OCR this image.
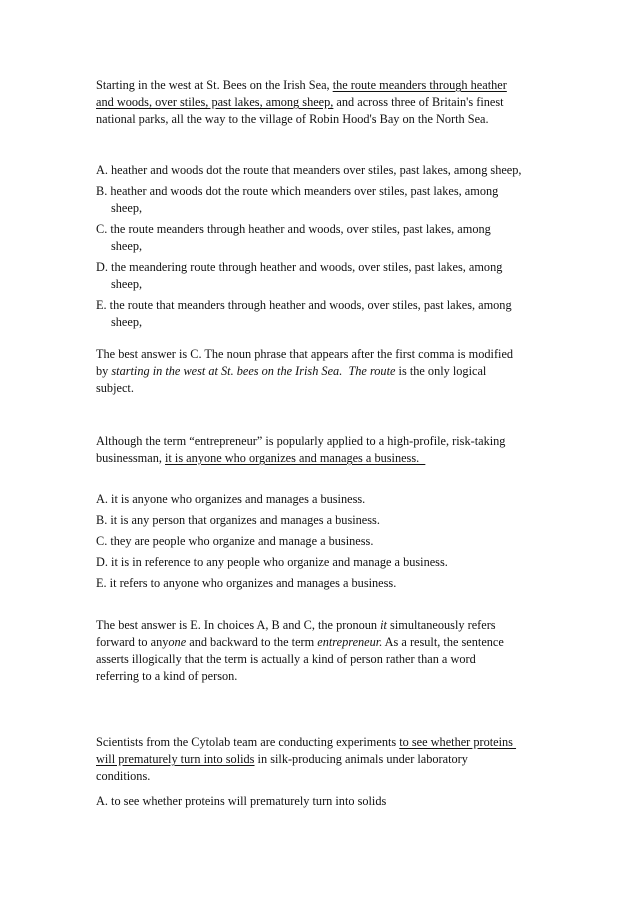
Starting in the west at St. Bees on the Irish Sea, the route meanders through heather
and woods, over stiles, past lakes, among sheep, and across three of Britain's finest
national parks, all the way to the village of Robin Hood's Bay on the North Sea.
A. heather and woods dot the route that meanders over stiles, past lakes, among sheep,
B. heather and woods dot the route which meanders over stiles, past lakes, among
sheep,
C. the route meanders through heather and woods, over stiles, past lakes, among
sheep,
D. the meandering route through heather and woods, over stiles, past lakes, among
sheep,
E. the route that meanders through heather and woods, over stiles, past lakes, among
sheep,
The best answer is C. The noun phrase that appears after the first comma is modified
by starting in the west at St. bees on the Irish Sea. The route is the only logical
subject.
Although the term “entrepreneur” is popularly applied to a high-profile, risk-taking
businessman, it is anyone who organizes and manages a business.
A. it is anyone who organizes and manages a business.
B. it is any person that organizes and manages a business.
C. they are people who organize and manage a business.
D. it is in reference to any people who organize and manage a business.
E. it refers to anyone who organizes and manages a business.
The best answer is E. In choices A, B and C, the pronoun it simultaneously refers
forward to anyone and backward to the term entrepreneur. As a result, the sentence
asserts illogically that the term is actually a kind of person rather than a word
referring to a kind of person.
Scientists from the Cytolab team are conducting experiments to see whether proteins
will prematurely turn into solids in silk-producing animals under laboratory
conditions.
A. to see whether proteins will prematurely turn into solids
